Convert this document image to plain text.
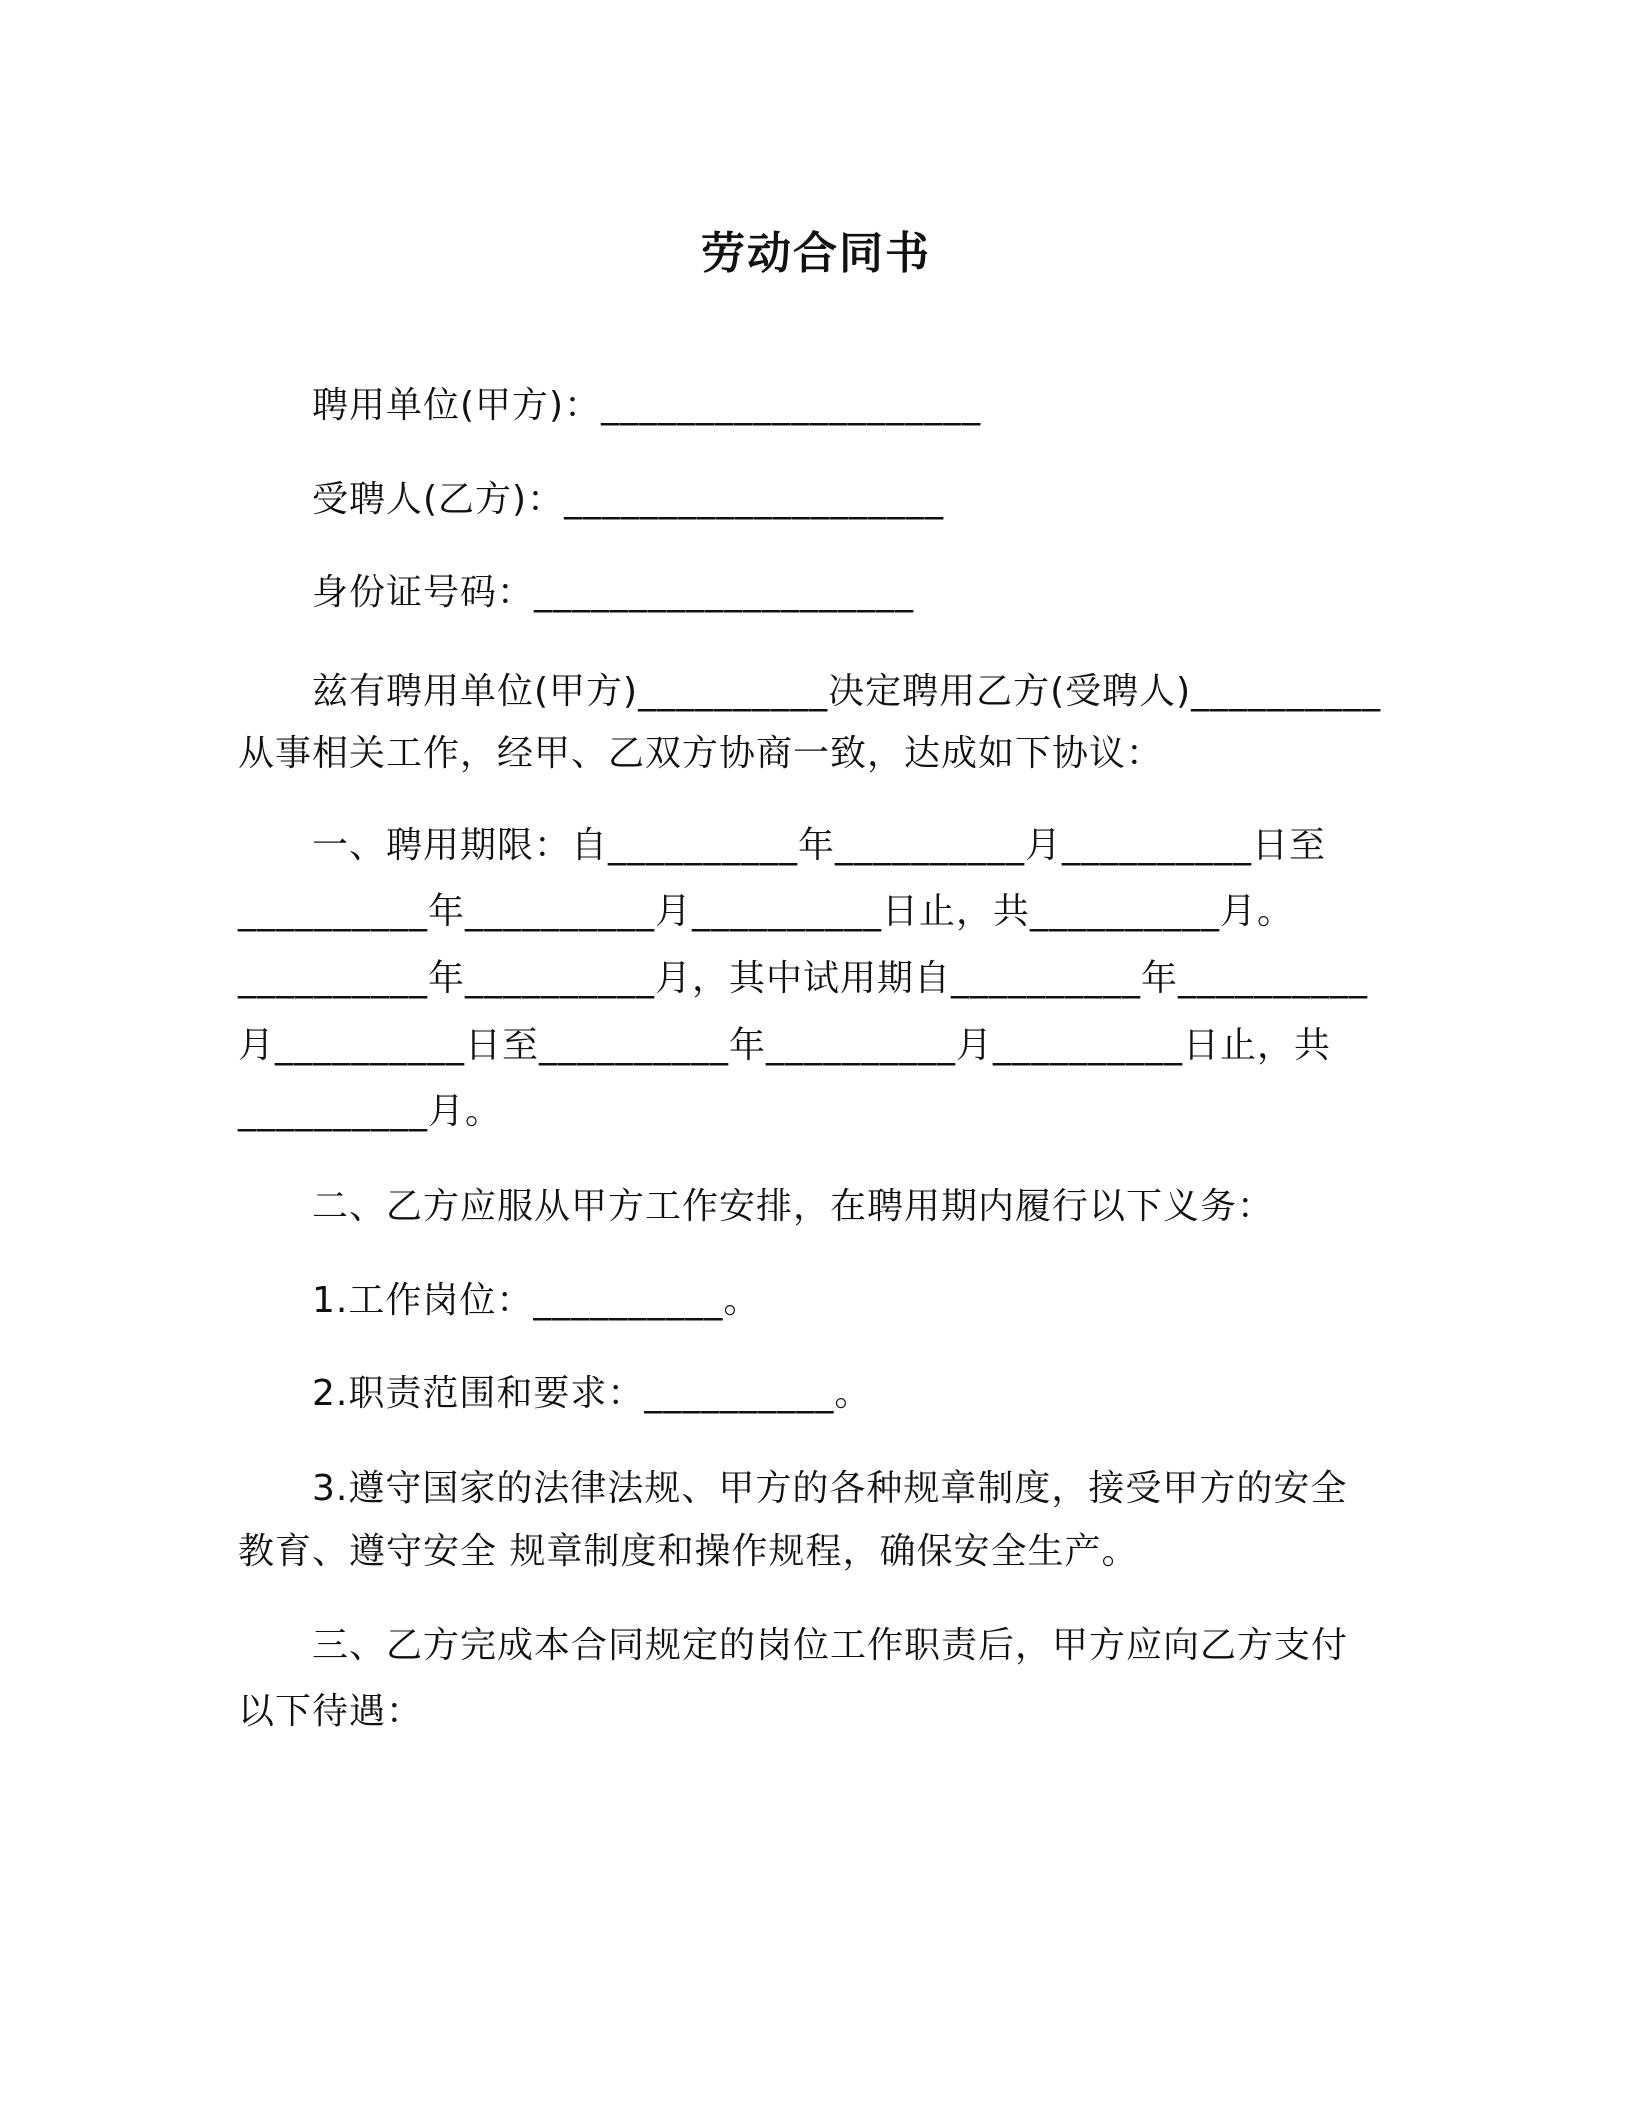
劳动合同书

聘用单位(甲方)：____________________

受聘人(乙方)：____________________

身份证号码：____________________

兹有聘用单位(甲方)__________决定聘用乙方(受聘人)__________

从事相关工作，经甲、乙双方协商一致，达成如下协议：

一、聘用期限：自__________年__________月__________日至

__________年__________月__________日止，共__________月。

__________年__________月，其中试用期自__________年__________

月__________日至__________年__________月__________日止，共

__________月。

二、乙方应服从甲方工作安排，在聘用期内履行以下义务：

1.工作岗位：__________。

2.职责范围和要求：__________。

3.遵守国家的法律法规、甲方的各种规章制度，接受甲方的安全

教育、遵守安全 规章制度和操作规程，确保安全生产。

三、乙方完成本合同规定的岗位工作职责后，甲方应向乙方支付

以下待遇：
